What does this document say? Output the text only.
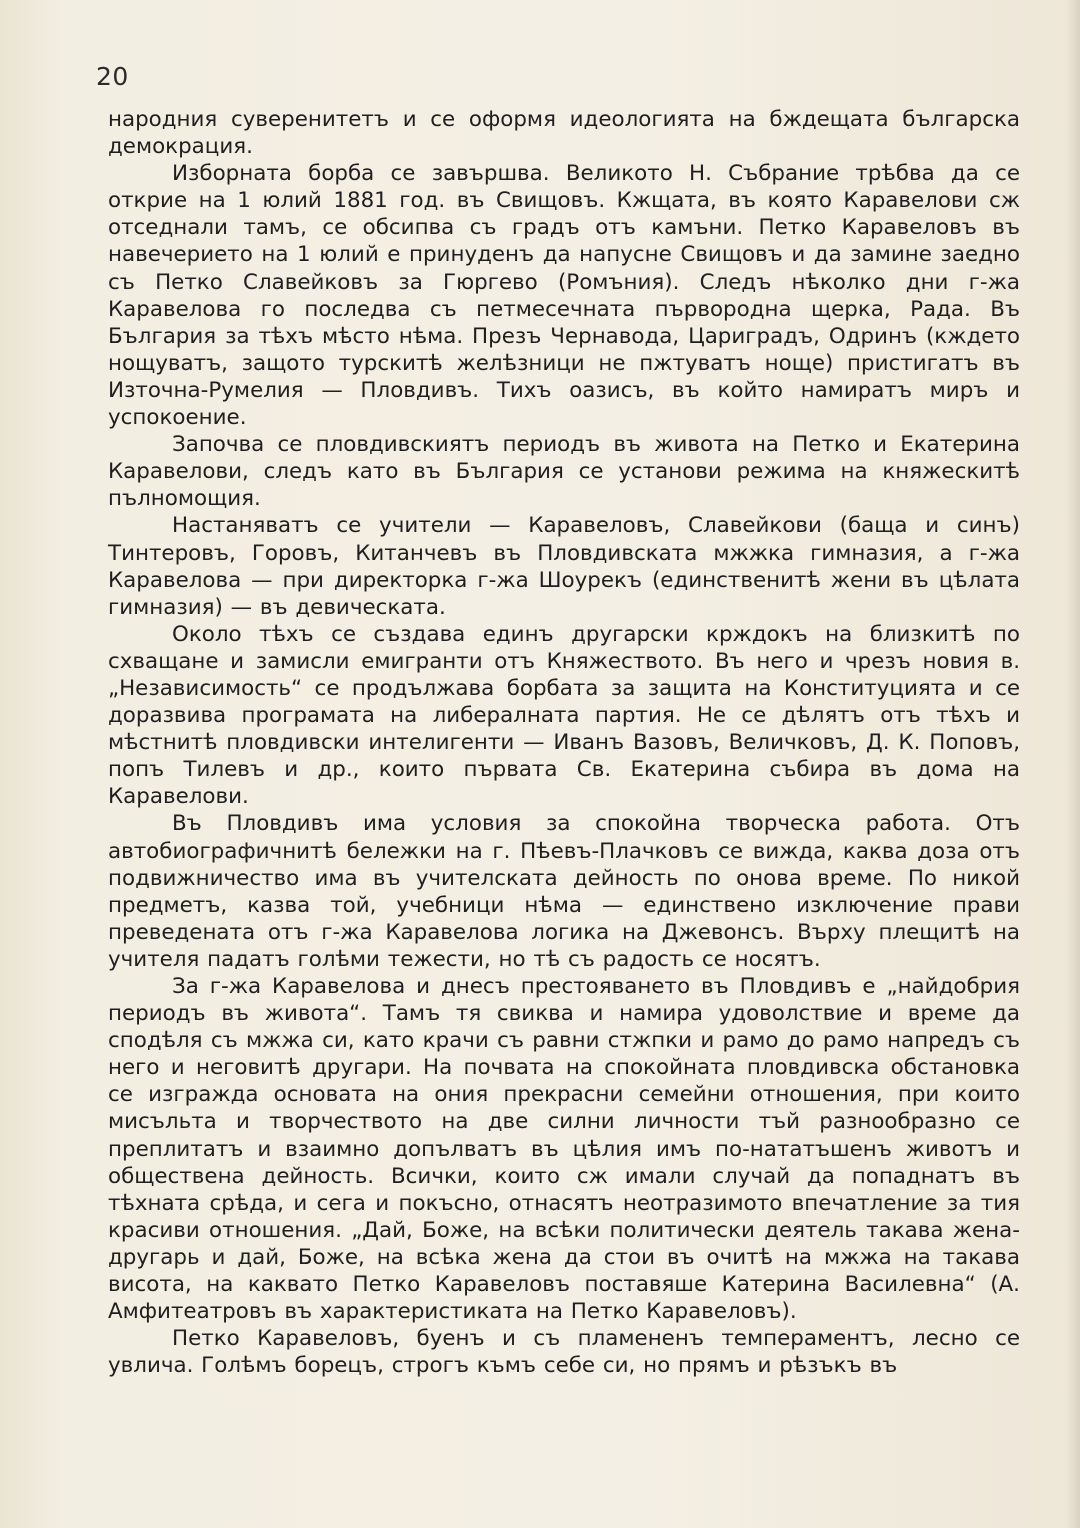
20

народния суверенитетъ и се оформя идеологията на бждещата българска демокрация.

Изборната борба се завършва. Великото Н. Събрание трѣбва да се открие на 1 юлий 1881 год. въ Свищовъ. Кжщата, въ която Каравелови сж отседнали тамъ, се обсипва съ градъ отъ камъни. Петко Каравеловъ въ навечерието на 1 юлий е принуденъ да напусне Свищовъ и да замине заедно съ Петко Славейковъ за Гюргево (Ромъния). Следъ нѣколко дни г-жа Каравелова го последва съ петмесечната първородна щерка, Рада. Въ България за тѣхъ мѣсто нѣма. Презъ Чернавода, Цариградъ, Одринъ (кждето нощуватъ, защото турскитѣ желѣзници не пжтуватъ нощe) пристигатъ въ Източна-Румелия — Пловдивъ. Тихъ оазисъ, въ който намиратъ миръ и успокоение.

Започва се пловдивскиятъ периодъ въ живота на Петко и Екатерина Каравелови, следъ като въ България се установи режима на княжескитѣ пълномощия.

Настаняватъ се учители — Каравеловъ, Славейкови (баща и синъ) Тинтеровъ, Горовъ, Китанчевъ въ Пловдивската мжжка гимназия, а г-жа Каравелова — при директорка г-жа Шоурекъ (единственитѣ жени въ цѣлата гимназия) — въ девическата.

Около тѣхъ се създава единъ другарски крждокъ на близкитѣ по схващане и замисли емигранти отъ Княжеството. Въ него и чрезъ новия в. „Независимость“ се продължава борбата за защита на Конституцията и се доразвива програмата на либералната партия. Не се дѣлятъ отъ тѣхъ и мѣстнитѣ пловдивски интелигенти — Иванъ Вазовъ, Величковъ, Д. К. Поповъ, попъ Тилевъ и др., които първата Св. Екатерина събира въ дома на Каравелови.

Въ Пловдивъ има условия за спокойна творческа работа. Отъ автобиографичнитѣ бележки на г. Пѣевъ-Плачковъ се вижда, каква доза отъ подвижничество има въ учителската дейность по онова време. По никой предметъ, казва той, учебници нѣма — единствено изключение прави преведената отъ г-жа Каравелова логика на Джевонсъ. Върху плещитѣ на учителя падатъ голѣми тежести, но тѣ съ радость се носятъ.

За г-жа Каравелова и днесъ престояването въ Пловдивъ е „найдобрия периодъ въ живота“. Тамъ тя свиква и намира удоволствие и време да сподѣля съ мжжа си, като крачи съ равни стжпки и рамо до рамо напредъ съ него и неговитѣ другари. На почвата на спокойната пловдивска обстановка се изгражда основата на ония прекрасни семейни отношения, при които мисъльта и творчеството на две силни личности тъй разнообразно се преплитатъ и взаимно допълватъ въ цѣлия имъ по-нататъшенъ животъ и обществена дейность. Всички, които сж имали случай да попаднатъ въ тѣхната срѣда, и сега и покъсно, отнасятъ неотразимото впечатление за тия красиви отношения. „Дай, Боже, на всѣки политически деятель такава жена-другарь и дай, Боже, на всѣка жена да стои въ очитѣ на мжжа на такава висота, на каквато Петко Каравеловъ поставяше Катерина Василевна“ (А. Амфитеатровъ въ характеристиката на Петко Каравеловъ).

Петко Каравеловъ, буенъ и съ пламененъ темпераментъ, лесно се увлича. Голѣмъ борецъ, строгъ къмъ себе си, но прямъ и рѣзъкъ въ
